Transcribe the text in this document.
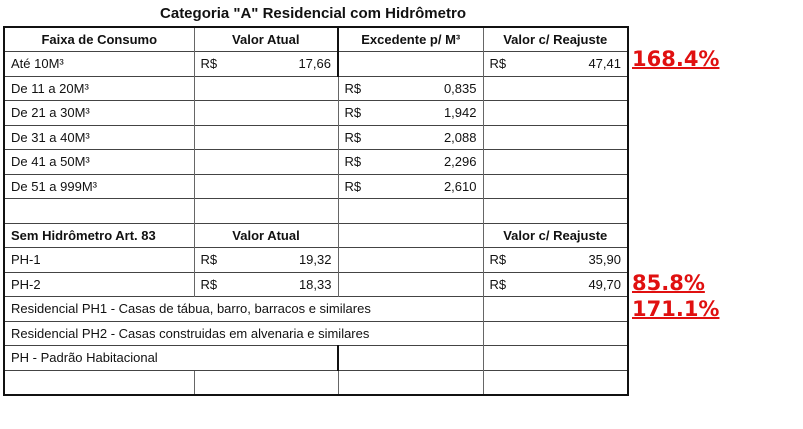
Categoria "A" Residencial com Hidrômetro
Faixa de Consumo	Valor Atual	Excedente p/ M³	Valor c/ Reajuste
Até 10M³	R$ 17,66		R$ 47,41

De 11 a 20M³		R$ 0,835	

De 21 a 30M³		R$ 1,942	

De 31 a 40M³		R$ 2,088	

De 41 a 50M³		R$ 2,296	

De 51 a 999M³		R$ 2,610	

Sem Hidrômetro Art. 83	Valor Atual		Valor c/ Reajuste
PH-1	R$ 19,32		R$ 35,90

PH-2	R$ 18,33		R$ 49,70

Residencial PH1 - Casas de tábua, barro, barracos e similares			
Residencial PH2 - Casas construidas em alvenaria e similares			
PH - Padrão Habitacional			

168.4%
85.8%
171.1%
